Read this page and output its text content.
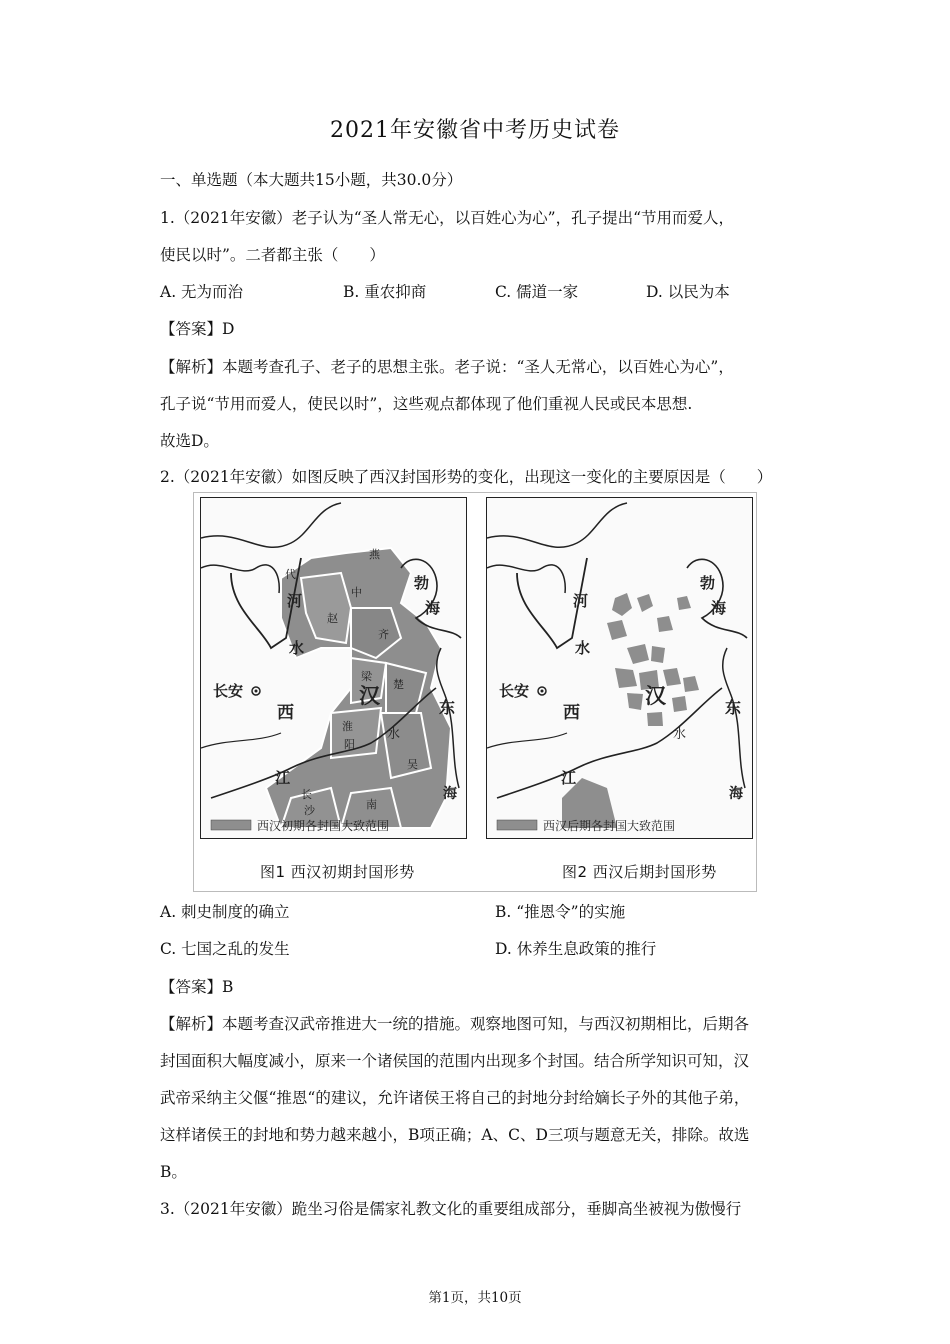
2021年安徽省中考历史试卷
一、单选题（本大题共15小题，共30.0分）
1.（2021年安徽）老子认为“圣人常无心，以百姓心为心”，孔子提出“节用而爱人，
使民以时”。二者都主张（　　）
A. 无为而治	B. 重农抑商	C. 儒道一家	D. 以民为本
【答案】D
【解析】本题考查孔子、老子的思想主张。老子说：“圣人无常心，以百姓心为心”，
孔子说“节用而爱人，使民以时”，这些观点都体现了他们重视人民或民本思想.
故选D。
2.（2021年安徽）如图反映了西汉封国形势的变化，出现这一变化的主要原因是（　　）
西汉初期各封国大致范围
长安
河
水
西
江
汉
水
勃
海
东
海
代
燕
中
赵
齐
梁
楚
淮
阳
吴
长
沙	南
图1 西汉初期封国形势
西汉后期各封国大致范围
长安
河
水
西
江
汉
水
勃
海
东
海
图2 西汉后期封国形势
A. 刺史制度的确立	B. “推恩令”的实施
C. 七国之乱的发生	D. 休养生息政策的推行
【答案】B
【解析】本题考查汉武帝推进大一统的措施。观察地图可知，与西汉初期相比，后期各
封国面积大幅度减小，原来一个诸侯国的范围内出现多个封国。结合所学知识可知，汉
武帝采纳主父偃“推恩“的建议，允许诸侯王将自己的封地分封给嫡长子外的其他子弟，
这样诸侯王的封地和势力越来越小，B项正确；A、C、D三项与题意无关，排除。故选
B。
3.（2021年安徽）跪坐习俗是儒家礼教文化的重要组成部分，垂脚高坐被视为傲慢行
第1页，共10页
